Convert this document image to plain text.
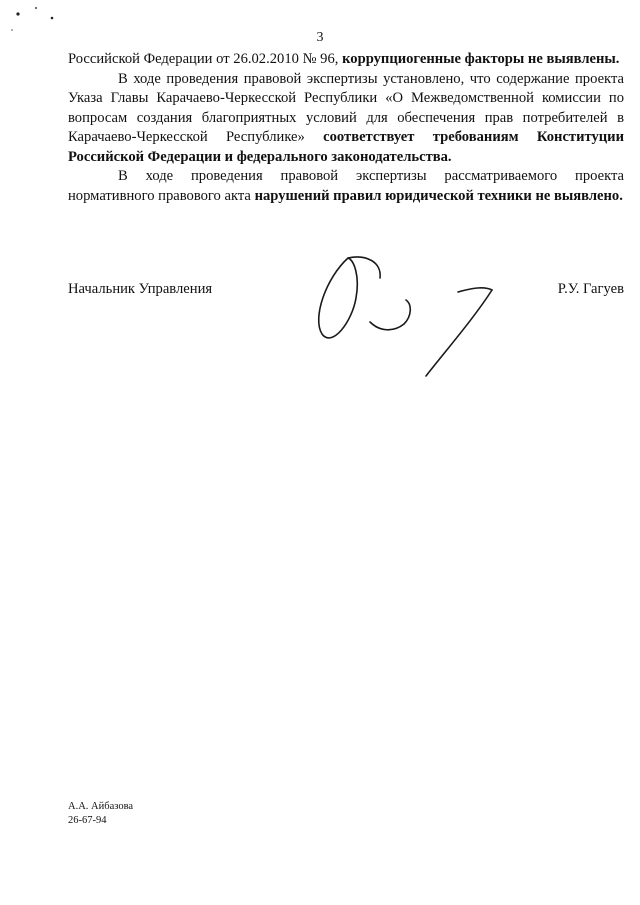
3

Российской Федерации от 26.02.2010 № 96, коррупциогенные факторы не выявлены.

В ходе проведения правовой экспертизы установлено, что содержание проекта Указа Главы Карачаево-Черкесской Республики «О Межведомственной комиссии по вопросам создания благоприятных условий для обеспечения прав потребителей в Карачаево-Черкесской Республике» соответствует требованиям Конституции Российской Федерации и федерального законодательства.

В ходе проведения правовой экспертизы рассматриваемого проекта нормативного правового акта нарушений правил юридической техники не выявлено.

Начальник Управления	Р.У. Гагуев
А.А. Айбазова
26-67-94
